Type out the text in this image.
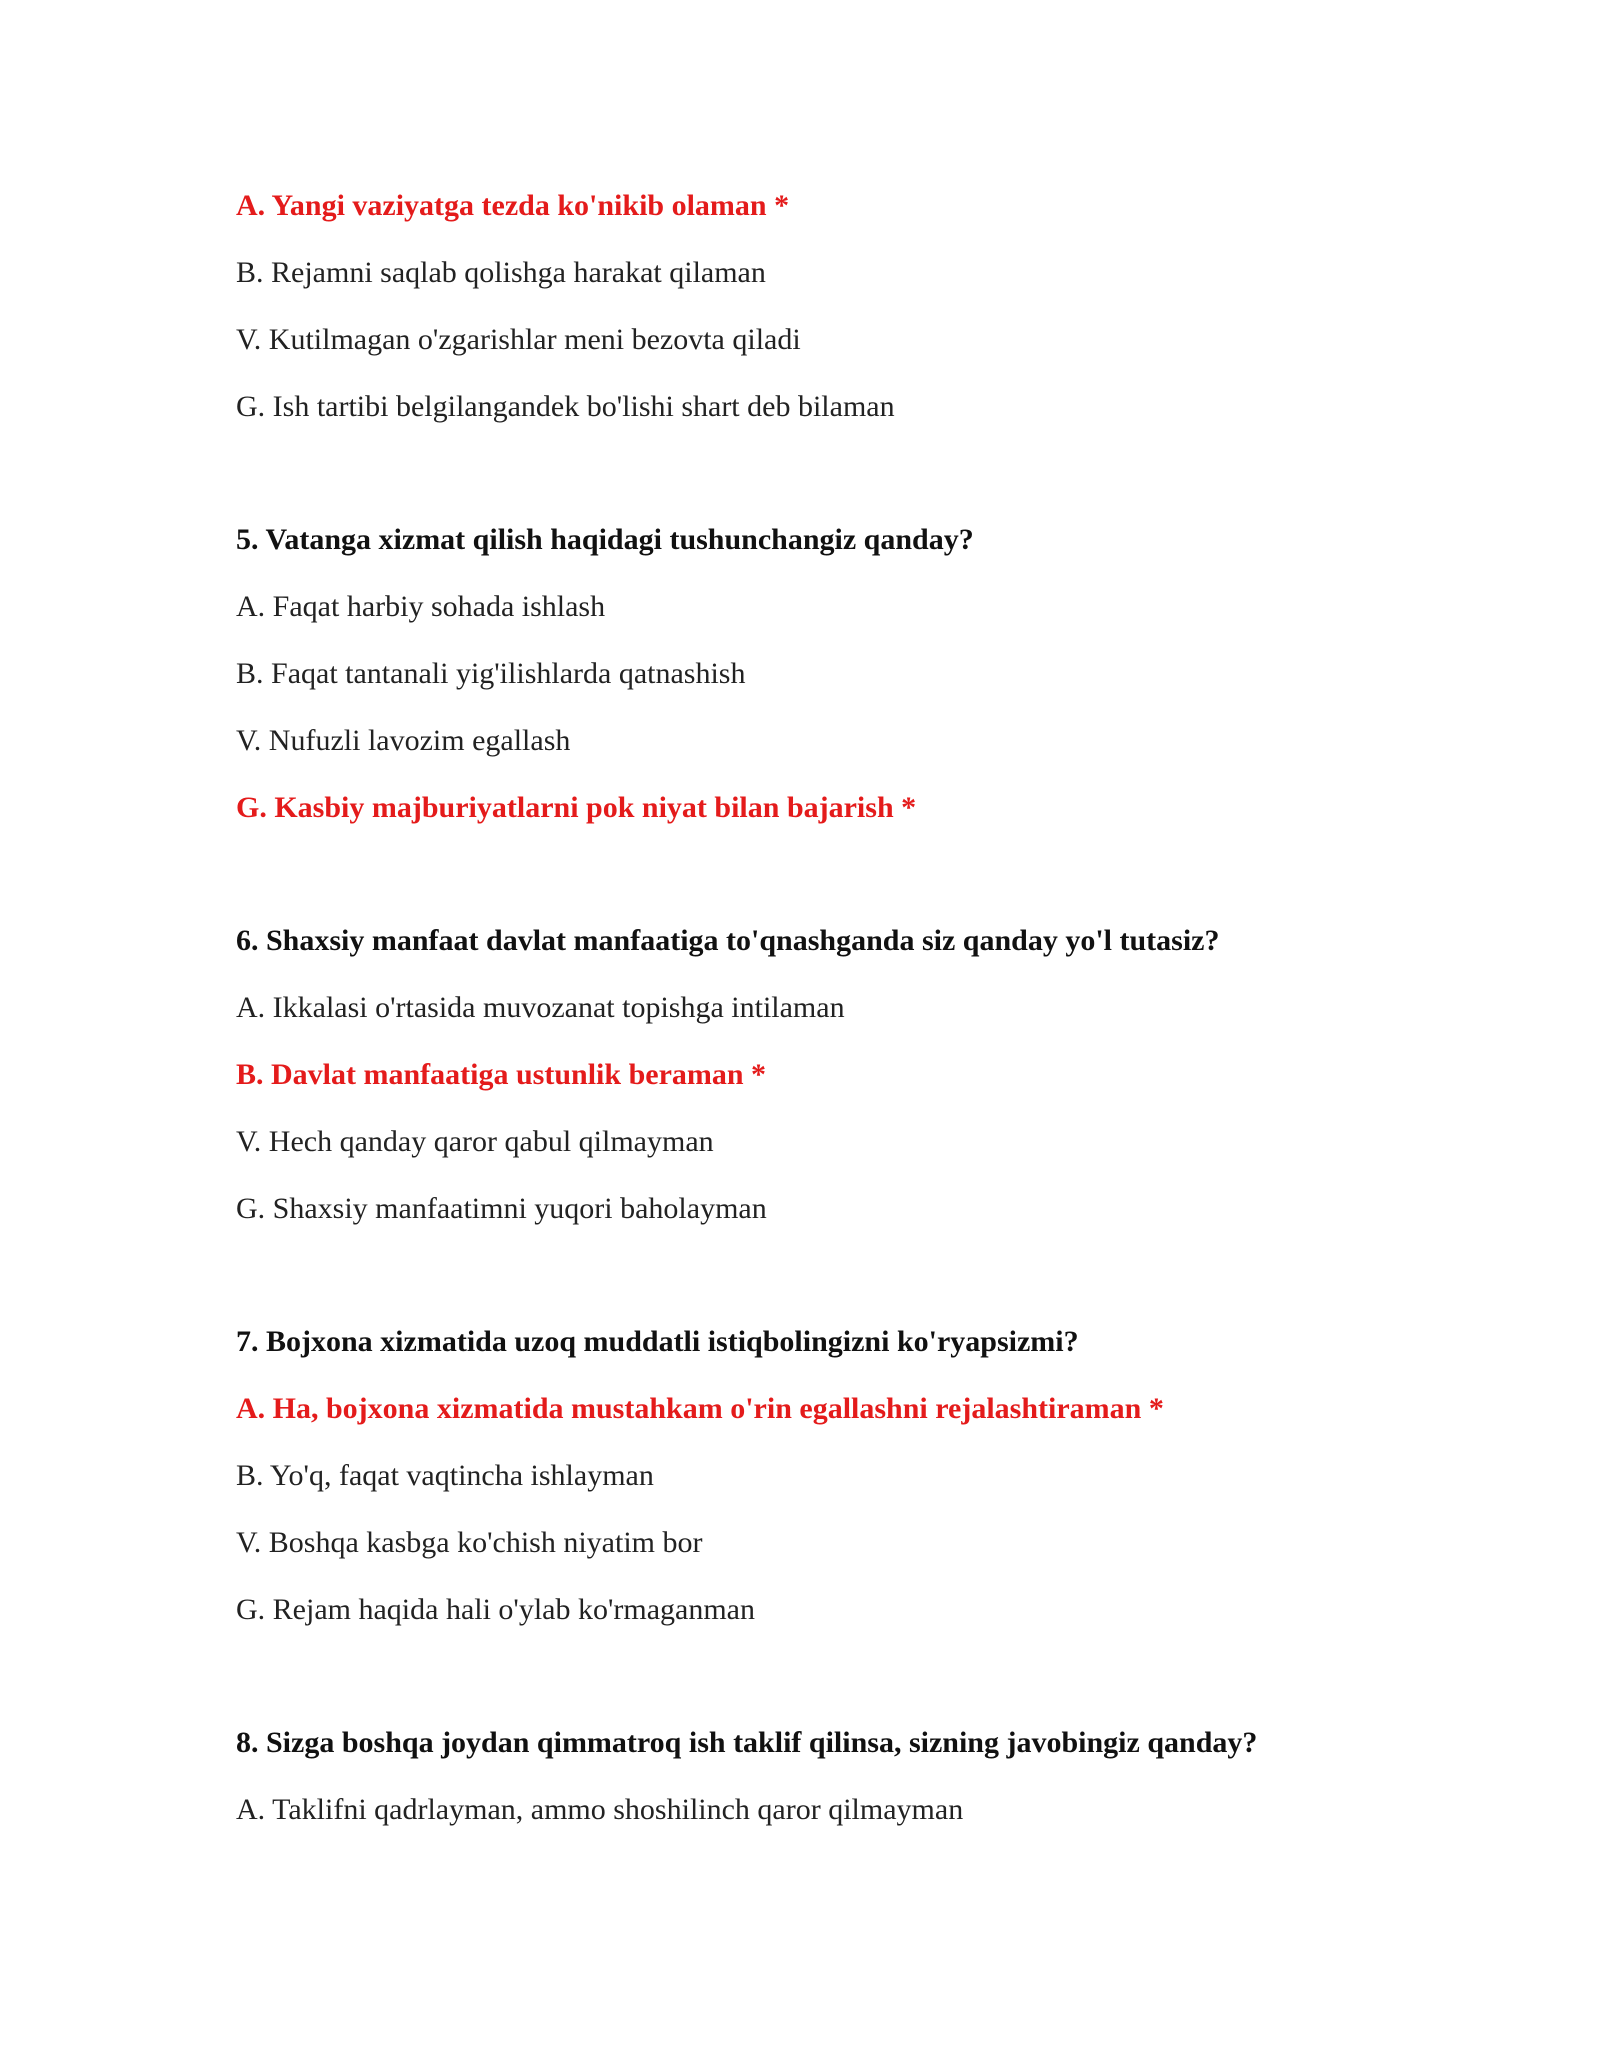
A. Yangi vaziyatga tezda ko'nikib olaman *
B. Rejamni saqlab qolishga harakat qilaman
V. Kutilmagan o'zgarishlar meni bezovta qiladi
G. Ish tartibi belgilangandek bo'lishi shart deb bilaman
5. Vatanga xizmat qilish haqidagi tushunchangiz qanday?
A. Faqat harbiy sohada ishlash
B. Faqat tantanali yig'ilishlarda qatnashish
V. Nufuzli lavozim egallash
G. Kasbiy majburiyatlarni pok niyat bilan bajarish *
6. Shaxsiy manfaat davlat manfaatiga to'qnashganda siz qanday yo'l tutasiz?
A. Ikkalasi o'rtasida muvozanat topishga intilaman
B. Davlat manfaatiga ustunlik beraman *
V. Hech qanday qaror qabul qilmayman
G. Shaxsiy manfaatimni yuqori baholayman
7. Bojxona xizmatida uzoq muddatli istiqbolingizni ko'ryapsizmi?
A. Ha, bojxona xizmatida mustahkam o'rin egallashni rejalashtiraman *
B. Yo'q, faqat vaqtincha ishlayman
V. Boshqa kasbga ko'chish niyatim bor
G. Rejam haqida hali o'ylab ko'rmaganman
8. Sizga boshqa joydan qimmatroq ish taklif qilinsa, sizning javobingiz qanday?
A. Taklifni qadrlayman, ammo shoshilinch qaror qilmayman
